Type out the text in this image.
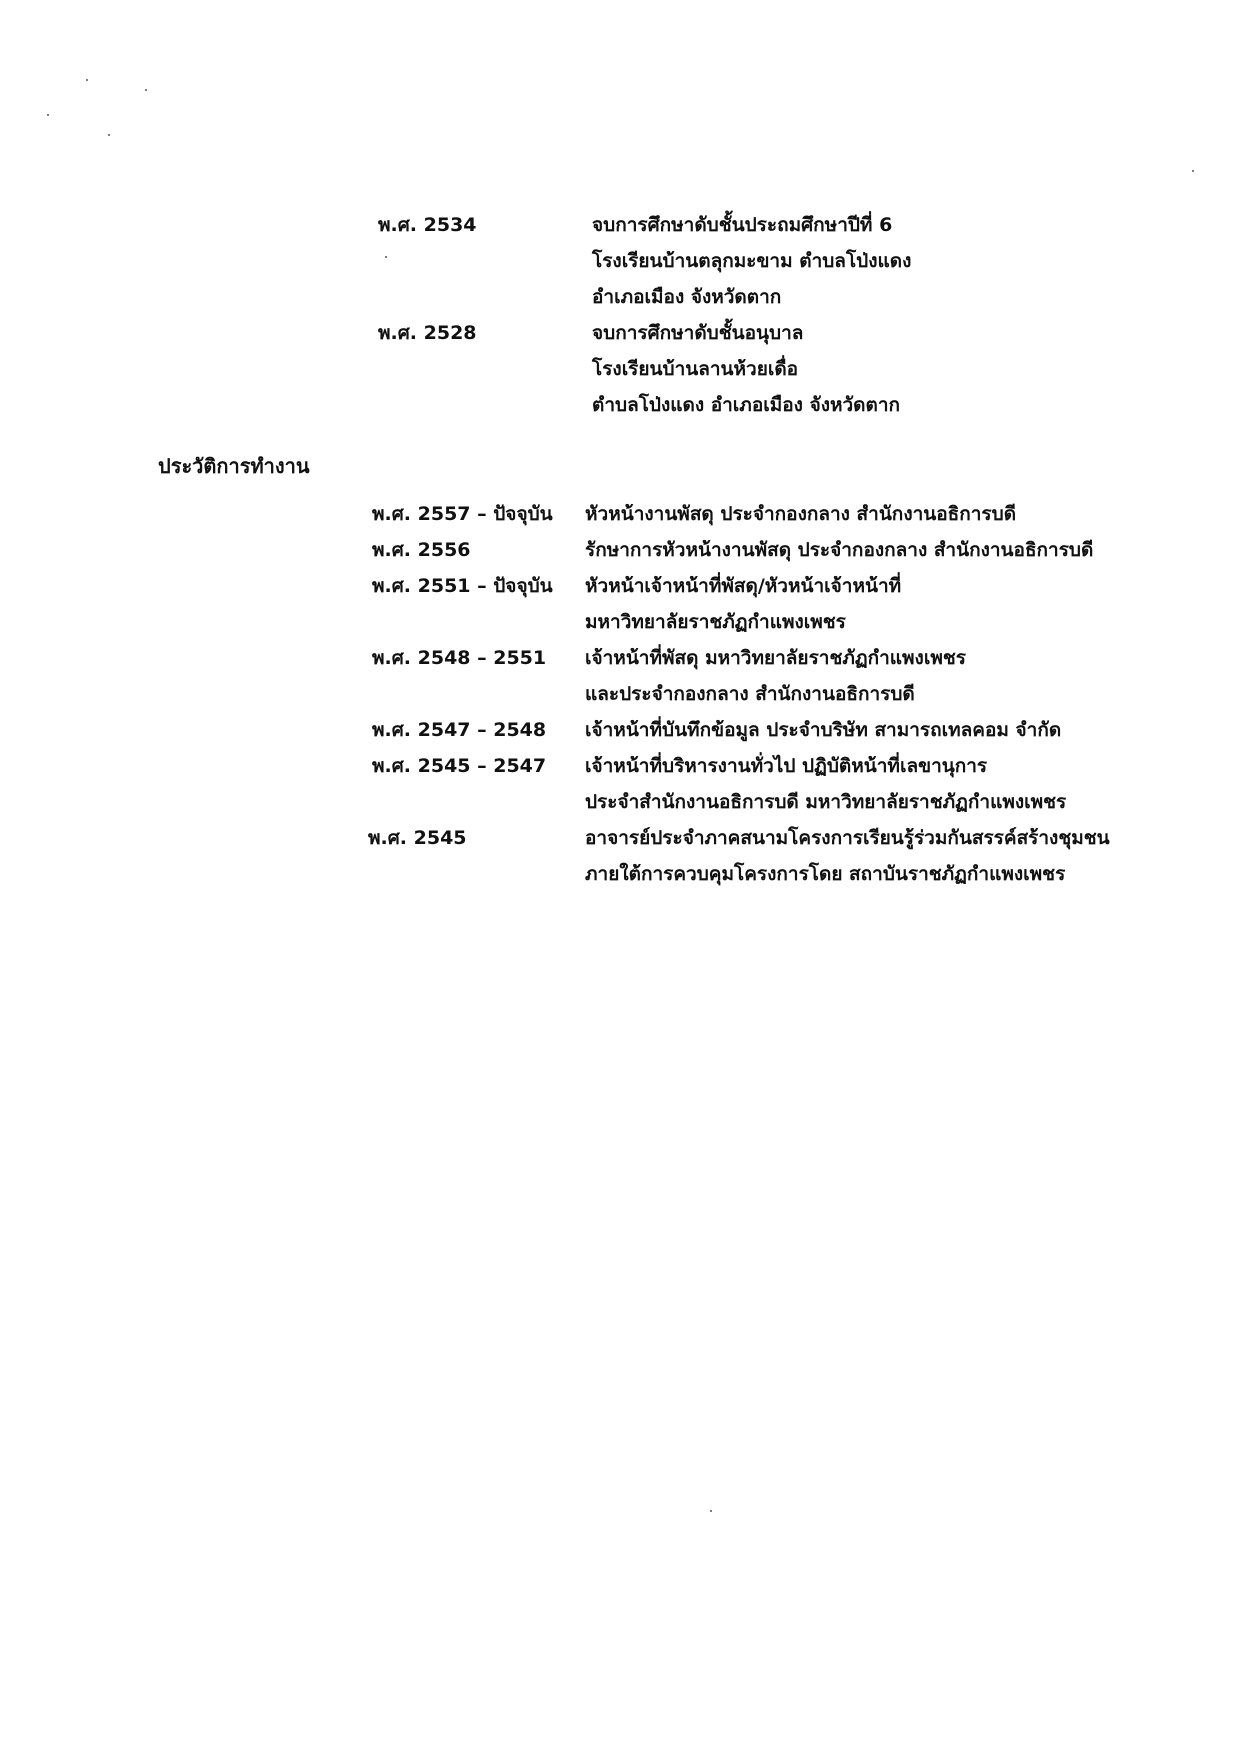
พ.ศ. 2534	จบการศึกษาดับชั้นประถมศึกษาปีที่ 6
โรงเรียนบ้านตลุกมะขาม ตำบลโป่งแดง
อำเภอเมือง จังหวัดตาก
พ.ศ. 2528	จบการศึกษาดับชั้นอนุบาล
โรงเรียนบ้านลานห้วยเดื่อ
ตำบลโป่งแดง อำเภอเมือง จังหวัดตาก
ประวัติการทำงาน
พ.ศ. 2557 – ปัจจุบัน หัวหน้างานพัสดุ ประจำกองกลาง สำนักงานอธิการบดี
พ.ศ. 2556	รักษาการหัวหน้างานพัสดุ ประจำกองกลาง สำนักงานอธิการบดี
พ.ศ. 2551 – ปัจจุบัน หัวหน้าเจ้าหน้าที่พัสดุ/หัวหน้าเจ้าหน้าที่
มหาวิทยาลัยราชภัฏกำแพงเพชร
พ.ศ. 2548 – 2551 เจ้าหน้าที่พัสดุ มหาวิทยาลัยราชภัฏกำแพงเพชร
และประจำกองกลาง สำนักงานอธิการบดี
พ.ศ. 2547 – 2548 เจ้าหน้าที่บันทึกข้อมูล ประจำบริษัท สามารถเทลคอม จำกัด
พ.ศ. 2545 – 2547 เจ้าหน้าที่บริหารงานทั่วไป ปฏิบัติหน้าที่เลขานุการ
ประจำสำนักงานอธิการบดี มหาวิทยาลัยราชภัฏกำแพงเพชร
พ.ศ. 2545	อาจารย์ประจำภาคสนามโครงการเรียนรู้ร่วมกันสรรค์สร้างชุมชน
ภายใต้การควบคุมโครงการโดย สถาบันราชภัฏกำแพงเพชร
